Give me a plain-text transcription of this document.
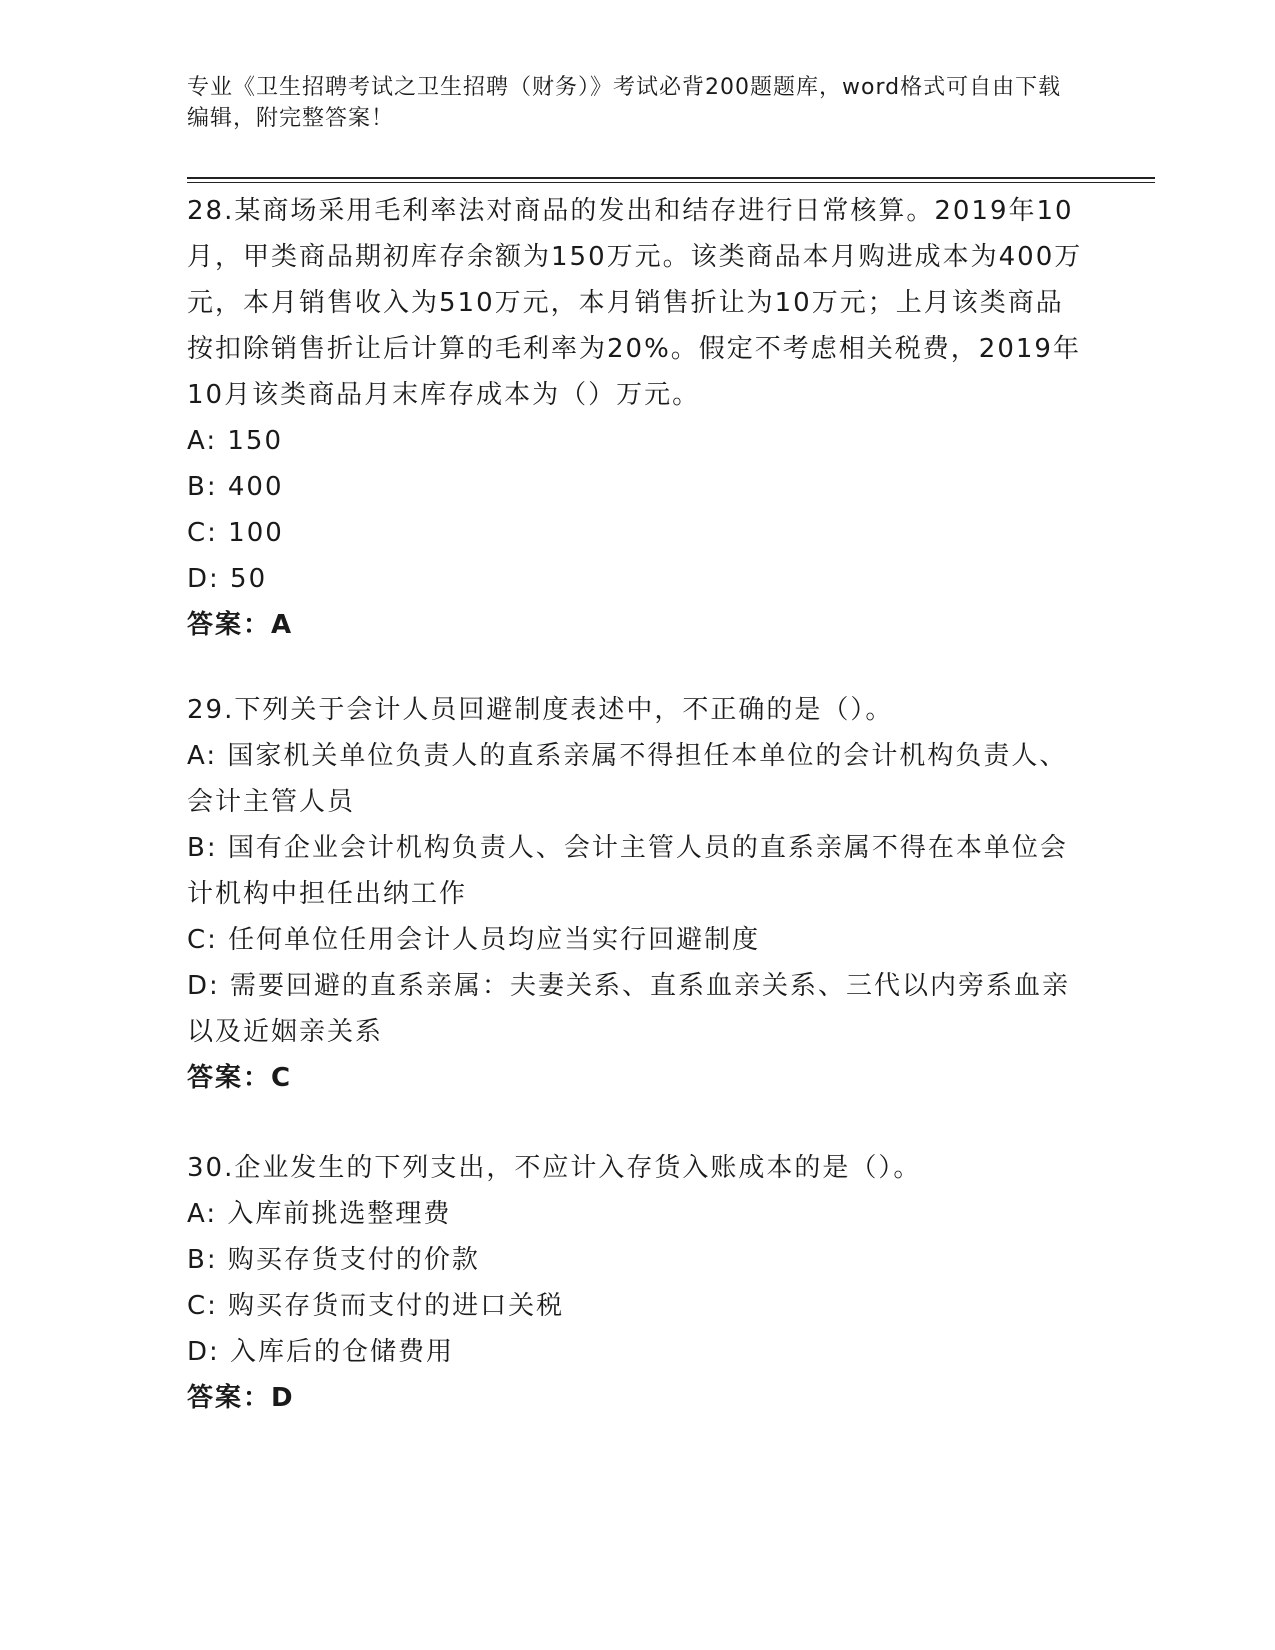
专业《卫生招聘考试之卫生招聘（财务）》考试必背200题题库，word格式可自由下载编辑，附完整答案！
28.某商场采用毛利率法对商品的发出和结存进行日常核算。2019年10月，甲类商品期初库存余额为150万元。该类商品本月购进成本为400万元，本月销售收入为510万元，本月销售折让为10万元；上月该类商品按扣除销售折让后计算的毛利率为20%。假定不考虑相关税费，2019年10月该类商品月末库存成本为（）万元。
A: 150
B: 400
C: 100
D: 50
答案：A
29.下列关于会计人员回避制度表述中，不正确的是（）。
A: 国家机关单位负责人的直系亲属不得担任本单位的会计机构负责人、会计主管人员
B: 国有企业会计机构负责人、会计主管人员的直系亲属不得在本单位会计机构中担任出纳工作
C: 任何单位任用会计人员均应当实行回避制度
D: 需要回避的直系亲属：夫妻关系、直系血亲关系、三代以内旁系血亲以及近姻亲关系
答案：C
30.企业发生的下列支出，不应计入存货入账成本的是（）。
A: 入库前挑选整理费
B: 购买存货支付的价款
C: 购买存货而支付的进口关税
D: 入库后的仓储费用
答案：D
